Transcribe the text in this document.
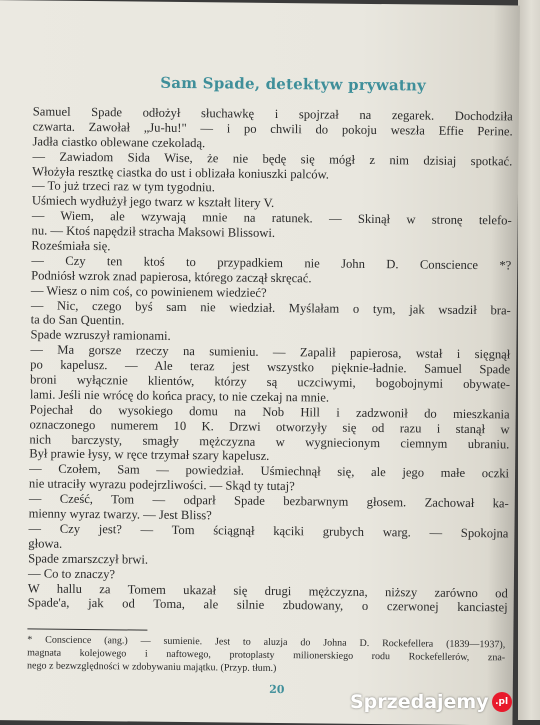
Sam Spade, detektyw prywatny
Samuel Spade odłożył słuchawkę i spojrzał na zegarek. Dochodziła
czwarta. Zawołał „Ju-hu!" — i po chwili do pokoju weszła Effie Perine.
Jadła ciastko oblewane czekoladą.
— Zawiadom Sida Wise, że nie będę się mógł z nim dzisiaj spotkać.
Włożyła resztkę ciastka do ust i oblizała koniuszki palców.
— To już trzeci raz w tym tygodniu.
Uśmiech wydłużył jego twarz w kształt litery V.
— Wiem, ale wzywają mnie na ratunek. — Skinął w stronę telefo-
nu. — Ktoś napędził stracha Maksowi Blissowi.
Roześmiała się.
— Czy ten ktoś to przypadkiem nie John D. Conscience *?
Podniósł wzrok znad papierosa, którego zaczął skręcać.
— Wiesz o nim coś, co powinienem wiedzieć?
— Nic, czego byś sam nie wiedział. Myślałam o tym, jak wsadził bra-
ta do San Quentin.
Spade wzruszył ramionami.
— Ma gorsze rzeczy na sumieniu. — Zapalił papierosa, wstał i sięgnął
po kapelusz. — Ale teraz jest wszystko pięknie-ładnie. Samuel Spade
broni wyłącznie klientów, którzy są uczciwymi, bogobojnymi obywate-
lami. Jeśli nie wrócę do końca pracy, to nie czekaj na mnie.
Pojechał do wysokiego domu na Nob Hill i zadzwonił do mieszkania
oznaczonego numerem 10 K. Drzwi otworzyły się od razu i stanął w
nich barczysty, smagły mężczyzna w wygniecionym ciemnym ubraniu.
Był prawie łysy, w ręce trzymał szary kapelusz.
— Czołem, Sam — powiedział. Uśmiechnął się, ale jego małe oczki
nie utraciły wyrazu podejrzliwości. — Skąd ty tutaj?
— Cześć, Tom — odparł Spade bezbarwnym głosem. Zachował ka-
mienny wyraz twarzy. — Jest Bliss?
— Czy jest? — Tom ściągnął kąciki grubych warg. — Spokojna
głowa.
Spade zmarszczył brwi.
— Co to znaczy?
W hallu za Tomem ukazał się drugi mężczyzna, niższy zarówno od
Spade'a, jak od Toma, ale silnie zbudowany, o czerwonej kanciastej
* Conscience (ang.) — sumienie. Jest to aluzja do Johna D. Rockefellera (1839—1937),
magnata kolejowego i naftowego, protoplasty milionerskiego rodu Rockefellerów, zna-
nego z bezwzględności w zdobywaniu majątku. (Przyp. tłum.)
20
Sprzedajemy .pl
